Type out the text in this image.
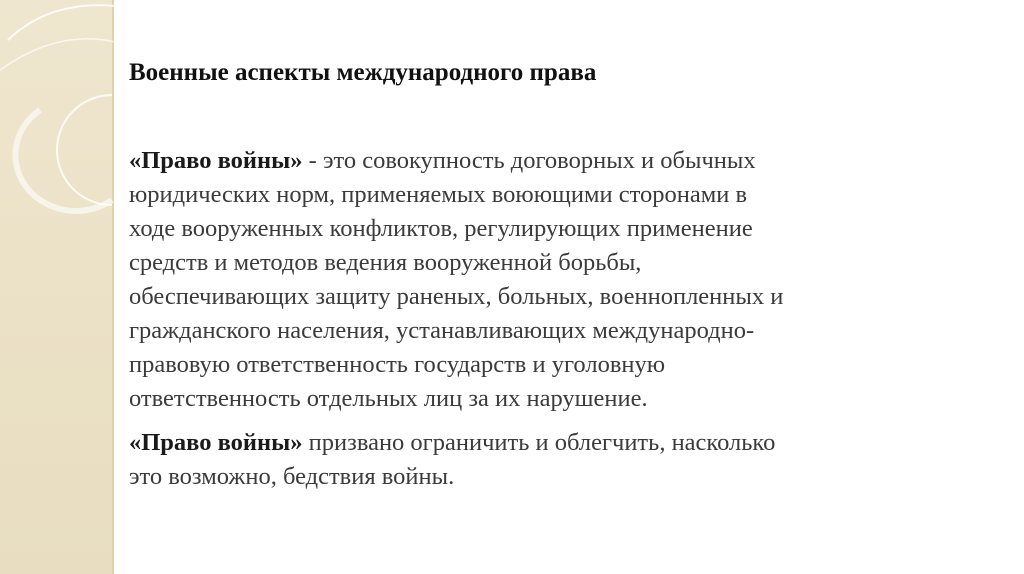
Военные аспекты международного права

«Право войны» - это совокупность договорных и обычных
юридических норм, применяемых воюющими сторонами в
ходе вооруженных конфликтов, регулирующих применение
средств и методов ведения вооруженной борьбы,
обеспечивающих защиту раненых, больных, военнопленных и
гражданского населения, устанавливающих международно-
правовую ответственность государств и уголовную
ответственность отдельных лиц за их нарушение.

«Право войны» призвано ограничить и облегчить, насколько
это возможно, бедствия войны.
